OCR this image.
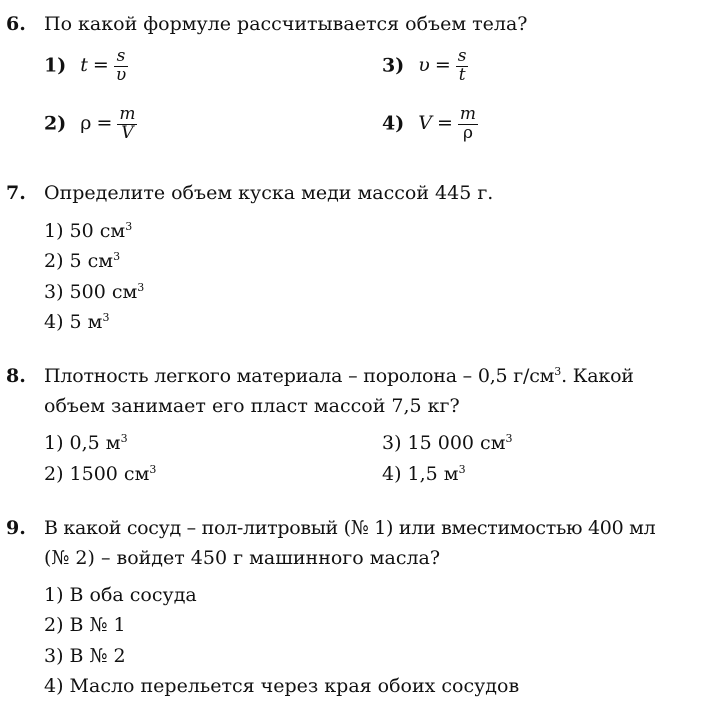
6. По какой формуле рассчитывается объем тела?
1) $t = \frac{s}{\upsilon}$	3) $\upsilon = \frac{s}{t}$
2) $\rho = \frac{m}{V}$	4) $V = \frac{m}{\rho}$
7. Определите объем куска меди массой 445 г.
1) 50 $см^3$
2) 5 $см^3$
3) 500 $см^3$
4) 5 $м^3$
8. Плотность легкого материала – поролона – 0,5 $г/см^3$. Какой
объем занимает его пласт массой 7,5 кг?
1) 0,5 $м^3$	3) 15 000 $см^3$
2) 1500 $см^3$	4) 1,5 $м^3$
9. В какой сосуд – пол-литровый (№ 1) или вместимостью 400 мл
(№ 2) – войдет 450 г машинного масла?
1) В оба сосуда
2) В № 1
3) В № 2
4) Масло перельется через края обоих сосудов
